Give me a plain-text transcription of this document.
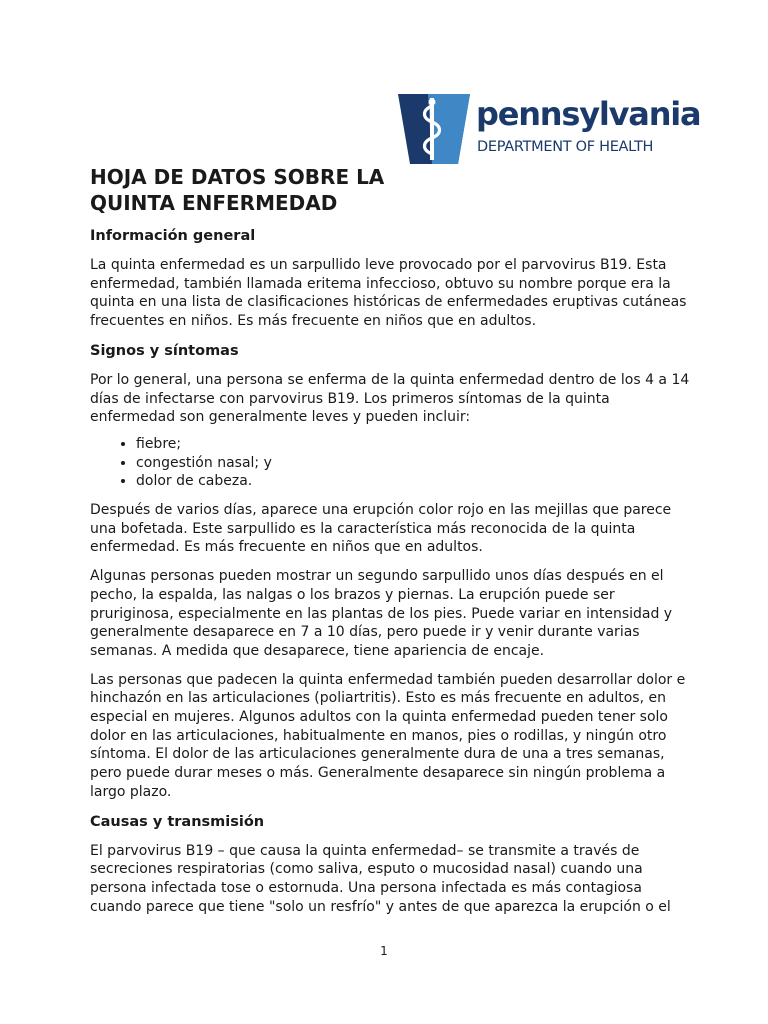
pennsylvania
DEPARTMENT OF HEALTH
HOJA DE DATOS SOBRE LA QUINTA ENFERMEDAD
Información general

La quinta enfermedad es un sarpullido leve provocado por el parvovirus B19. Esta enfermedad, también llamada eritema infeccioso, obtuvo su nombre porque era la quinta en una lista de clasificaciones históricas de enfermedades eruptivas cutáneas frecuentes en niños. Es más frecuente en niños que en adultos.

Signos y síntomas

Por lo general, una persona se enferma de la quinta enfermedad dentro de los 4 a 14 días de infectarse con parvovirus B19. Los primeros síntomas de la quinta enfermedad son generalmente leves y pueden incluir:

• fiebre;
• congestión nasal; y
• dolor de cabeza.

Después de varios días, aparece una erupción color rojo en las mejillas que parece una bofetada. Este sarpullido es la característica más reconocida de la quinta enfermedad. Es más frecuente en niños que en adultos.

Algunas personas pueden mostrar un segundo sarpullido unos días después en el pecho, la espalda, las nalgas o los brazos y piernas. La erupción puede ser pruriginosa, especialmente en las plantas de los pies. Puede variar en intensidad y generalmente desaparece en 7 a 10 días, pero puede ir y venir durante varias semanas. A medida que desaparece, tiene apariencia de encaje.

Las personas que padecen la quinta enfermedad también pueden desarrollar dolor e hinchazón en las articulaciones (poliartritis). Esto es más frecuente en adultos, en especial en mujeres. Algunos adultos con la quinta enfermedad pueden tener solo dolor en las articulaciones, habitualmente en manos, pies o rodillas, y ningún otro síntoma. El dolor de las articulaciones generalmente dura de una a tres semanas, pero puede durar meses o más. Generalmente desaparece sin ningún problema a largo plazo.

Causas y transmisión

El parvovirus B19 – que causa la quinta enfermedad– se transmite a través de secreciones respiratorias (como saliva, esputo o mucosidad nasal) cuando una persona infectada tose o estornuda. Una persona infectada es más contagiosa cuando parece que tiene "solo un resfrío" y antes de que aparezca la erupción o el

1
